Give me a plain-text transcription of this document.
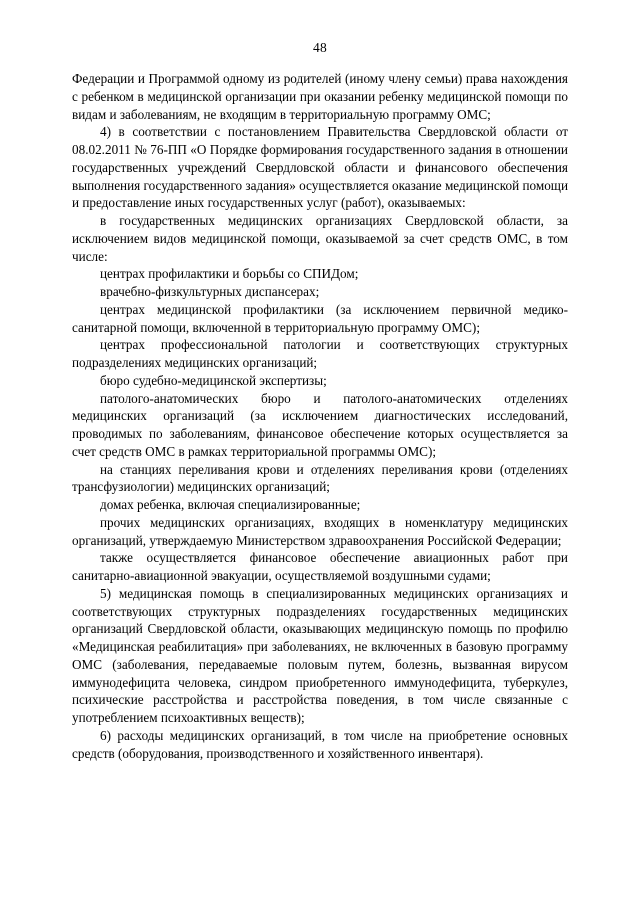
48

Федерации и Программой одному из родителей (иному члену семьи) права нахождения с ребенком в медицинской организации при оказании ребенку медицинской помощи по видам и заболеваниям, не входящим в территориальную программу ОМС;

4) в соответствии с постановлением Правительства Свердловской области от 08.02.2011 № 76-ПП «О Порядке формирования государственного задания в отношении государственных учреждений Свердловской области и финансового обеспечения выполнения государственного задания» осуществляется оказание медицинской помощи и предоставление иных государственных услуг (работ), оказываемых:

в государственных медицинских организациях Свердловской области, за исключением видов медицинской помощи, оказываемой за счет средств ОМС, в том числе:

центрах профилактики и борьбы со СПИДом;

врачебно-физкультурных диспансерах;

центрах медицинской профилактики (за исключением первичной медико-санитарной помощи, включенной в территориальную программу ОМС);

центрах профессиональной патологии и соответствующих структурных подразделениях медицинских организаций;

бюро судебно-медицинской экспертизы;

патолого-анатомических бюро и патолого-анатомических отделениях медицинских организаций (за исключением диагностических исследований, проводимых по заболеваниям, финансовое обеспечение которых осуществляется за счет средств ОМС в рамках территориальной программы ОМС);

на станциях переливания крови и отделениях переливания крови (отделениях трансфузиологии) медицинских организаций;

домах ребенка, включая специализированные;

прочих медицинских организациях, входящих в номенклатуру медицинских организаций, утверждаемую Министерством здравоохранения Российской Федерации;

также осуществляется финансовое обеспечение авиационных работ при санитарно-авиационной эвакуации, осуществляемой воздушными судами;

5) медицинская помощь в специализированных медицинских организациях и соответствующих структурных подразделениях государственных медицинских организаций Свердловской области, оказывающих медицинскую помощь по профилю «Медицинская реабилитация» при заболеваниях, не включенных в базовую программу ОМС (заболевания, передаваемые половым путем, болезнь, вызванная вирусом иммунодефицита человека, синдром приобретенного иммунодефицита, туберкулез, психические расстройства и расстройства поведения, в том числе связанные с употреблением психоактивных веществ);

6) расходы медицинских организаций, в том числе на приобретение основных средств (оборудования, производственного и хозяйственного инвентаря).
